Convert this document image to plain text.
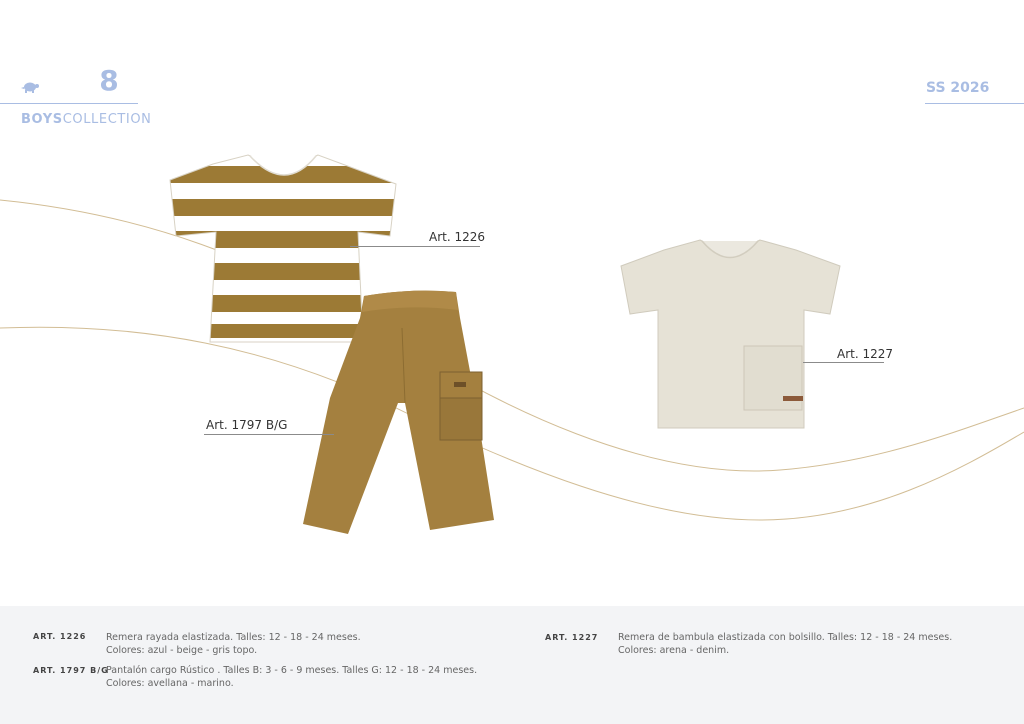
8
BOYSCOLLECTION
SS 2026
Art. 1226
Art. 1797 B/G
Art. 1227
ART. 1226 Remera rayada elastizada. Talles: 12 - 18 - 24 meses.
Colores: azul - beige - gris topo.
ART. 1797 B/G
Pantalón cargo Rústico . Talles B: 3 - 6 - 9 meses. Talles G: 12 - 18 - 24 meses.
Colores: avellana - marino.
ART. 1227 Remera de bambula elastizada con bolsillo. Talles: 12 - 18 - 24 meses.
Colores: arena - denim.
